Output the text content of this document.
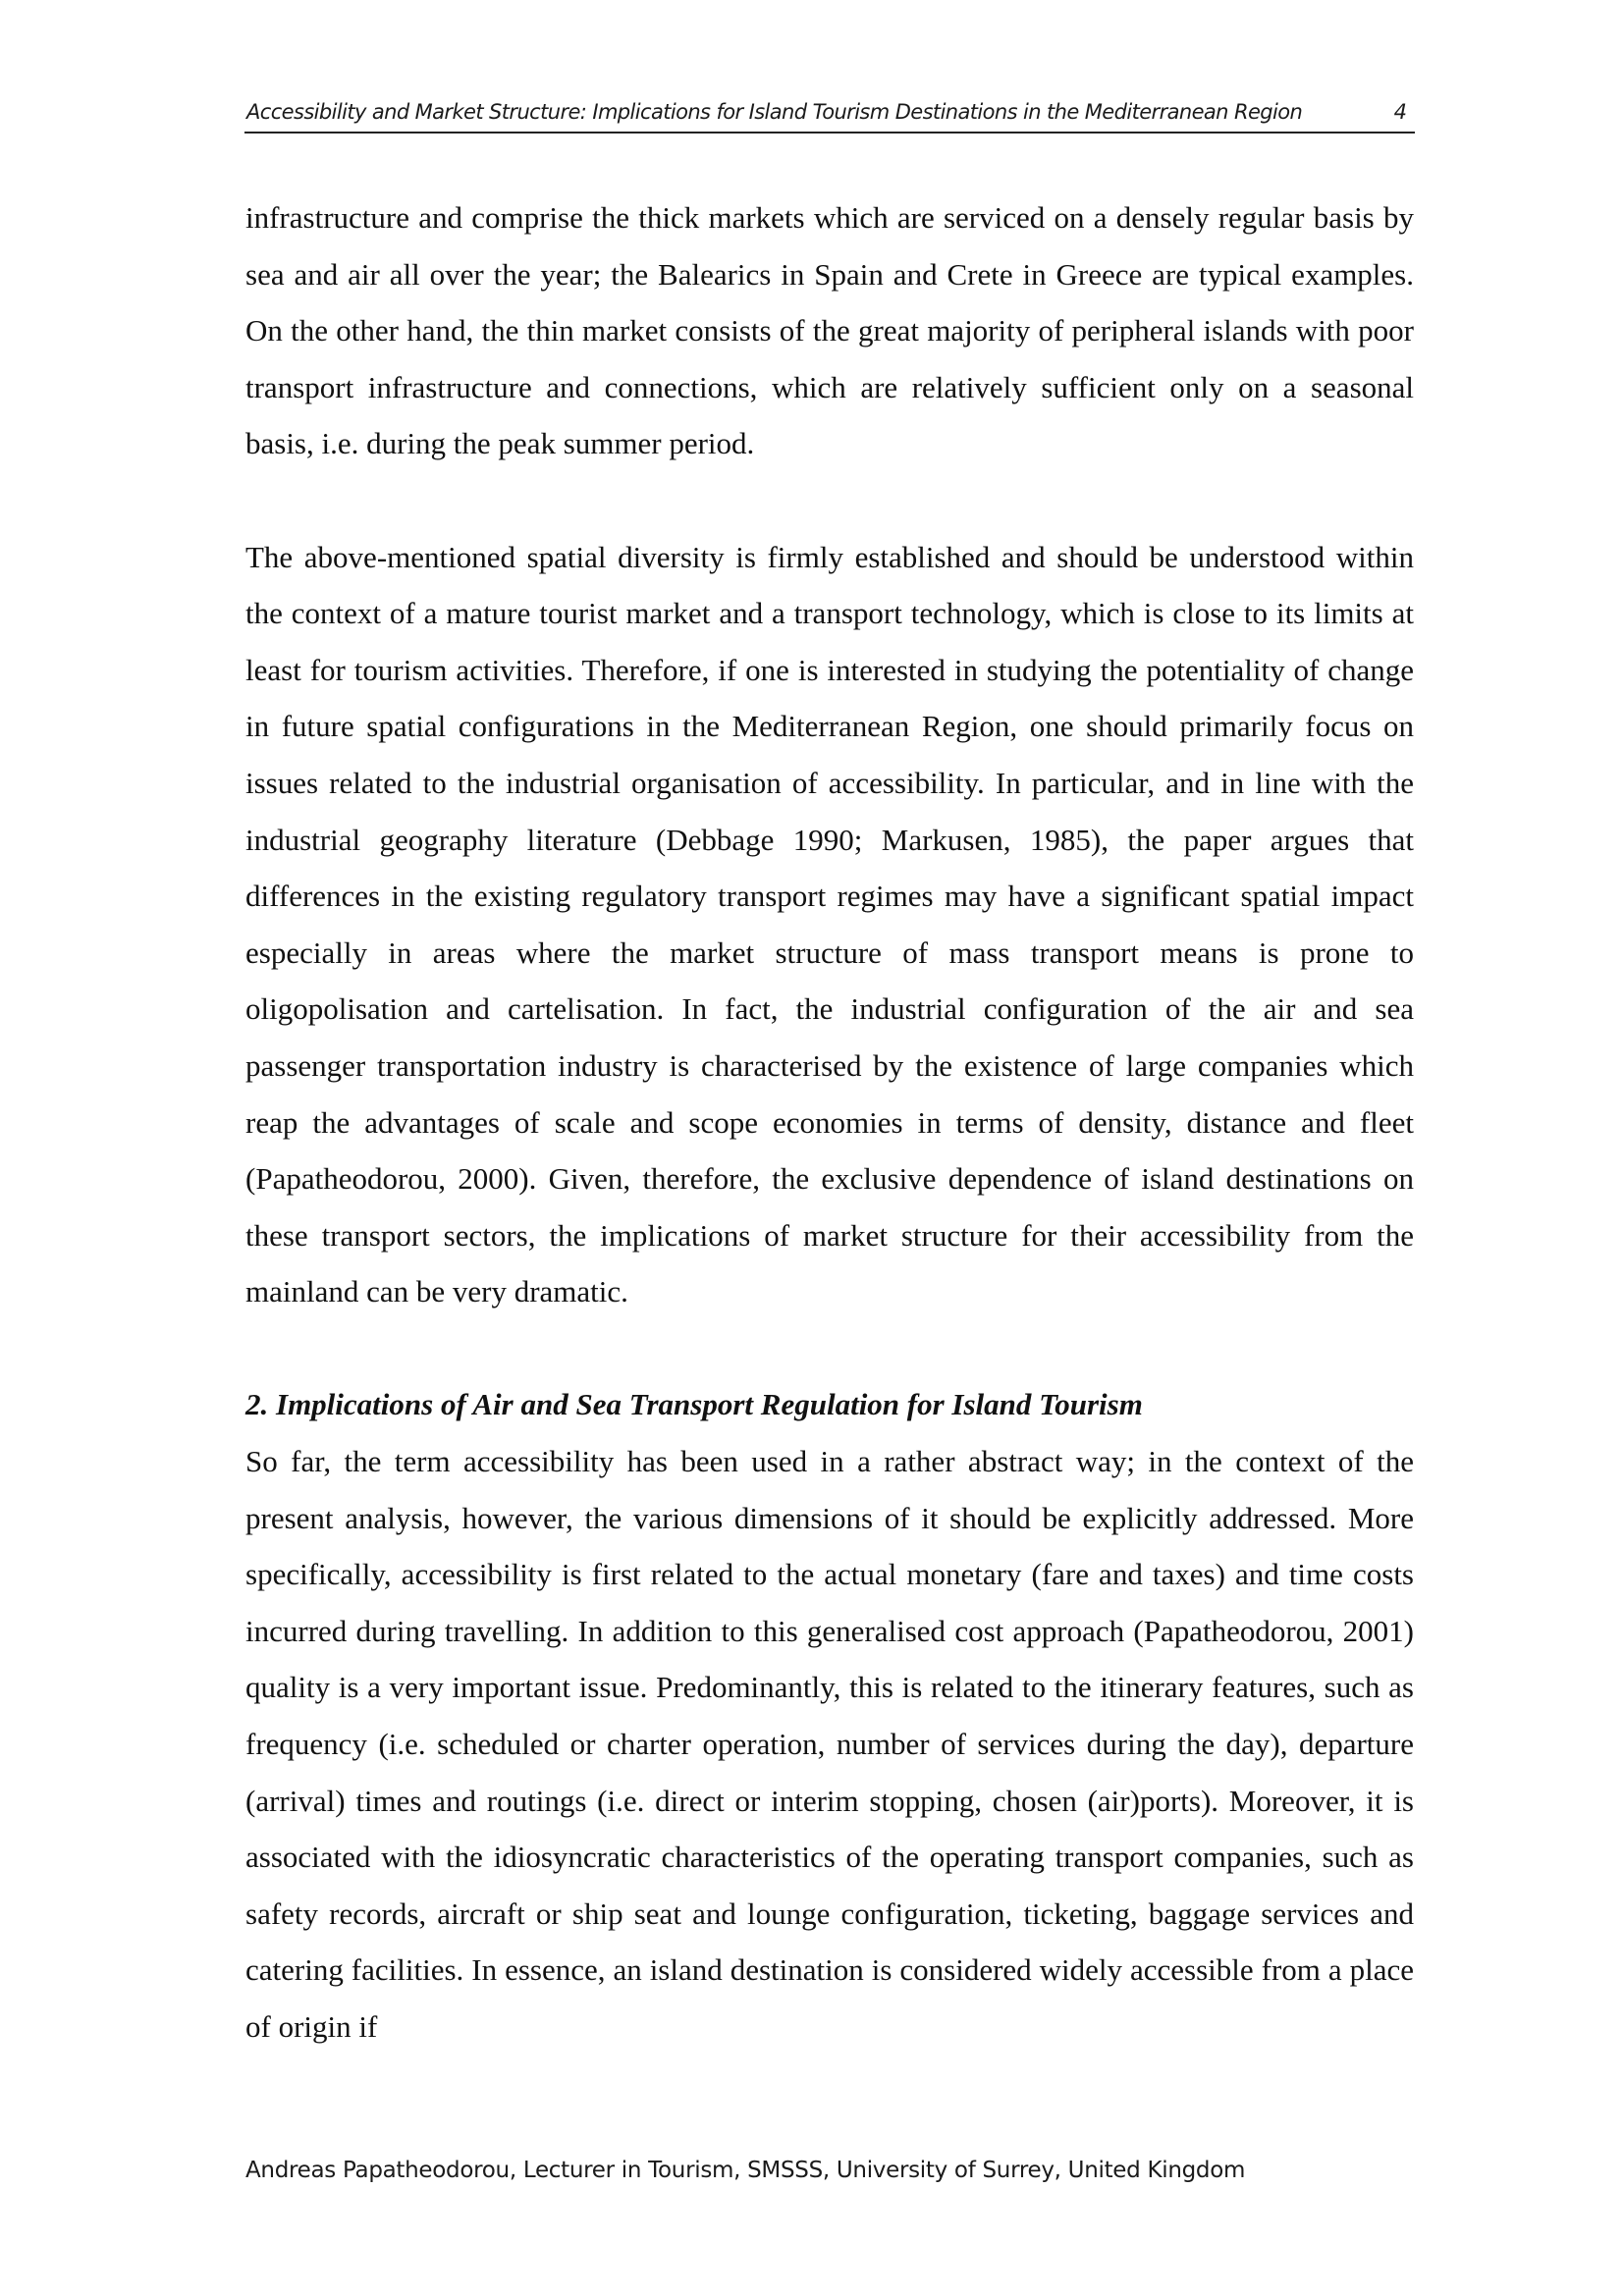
Accessibility and Market Structure: Implications for Island Tourism Destinations in the Mediterranean Region	4

infrastructure and comprise the thick markets which are serviced on a densely regular basis by sea and air all over the year; the Balearics in Spain and Crete in Greece are typical examples. On the other hand, the thin market consists of the great majority of peripheral islands with poor transport infrastructure and connections, which are relatively sufficient only on a seasonal basis, i.e. during the peak summer period.

The above-mentioned spatial diversity is firmly established and should be understood within the context of a mature tourist market and a transport technology, which is close to its limits at least for tourism activities. Therefore, if one is interested in studying the potentiality of change in future spatial configurations in the Mediterranean Region, one should primarily focus on issues related to the industrial organisation of accessibility. In particular, and in line with the industrial geography literature (Debbage 1990; Markusen, 1985), the paper argues that differences in the existing regulatory transport regimes may have a significant spatial impact especially in areas where the market structure of mass transport means is prone to oligopolisation and cartelisation. In fact, the industrial configuration of the air and sea passenger transportation industry is characterised by the existence of large companies which reap the advantages of scale and scope economies in terms of density, distance and fleet (Papatheodorou, 2000). Given, therefore, the exclusive dependence of island destinations on these transport sectors, the implications of market structure for their accessibility from the mainland can be very dramatic.

2. Implications of Air and Sea Transport Regulation for Island Tourism

So far, the term accessibility has been used in a rather abstract way; in the context of the present analysis, however, the various dimensions of it should be explicitly addressed. More specifically, accessibility is first related to the actual monetary (fare and taxes) and time costs incurred during travelling. In addition to this generalised cost approach (Papatheodorou, 2001) quality is a very important issue. Predominantly, this is related to the itinerary features, such as frequency (i.e. scheduled or charter operation, number of services during the day), departure (arrival) times and routings (i.e. direct or interim stopping, chosen (air)ports). Moreover, it is associated with the idiosyncratic characteristics of the operating transport companies, such as safety records, aircraft or ship seat and lounge configuration, ticketing, baggage services and catering facilities. In essence, an island destination is considered widely accessible from a place of origin if

Andreas Papatheodorou, Lecturer in Tourism, SMSSS, University of Surrey, United Kingdom
